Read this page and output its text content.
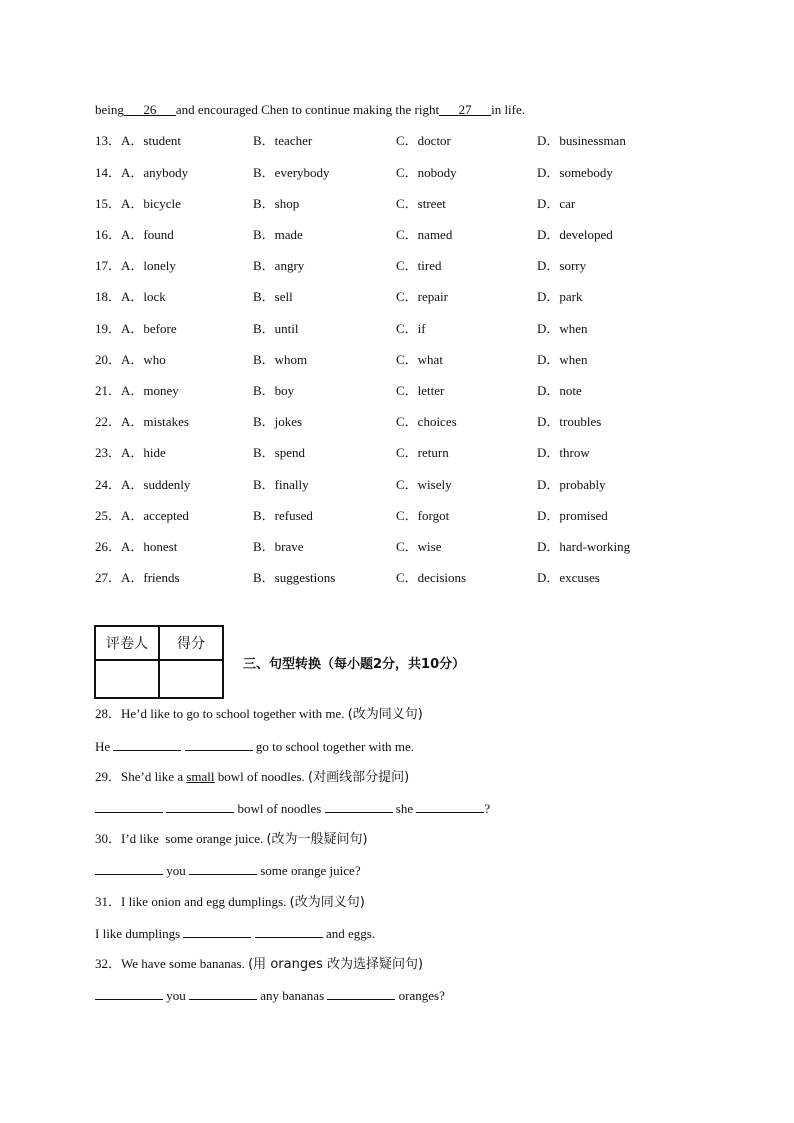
being 26 and encouraged Chen to continue making the right 27 in life.
13．A．student	B．teacher	C．doctor	D．businessman
14．A．anybody	B．everybody	C．nobody	D．somebody
15．A．bicycle	B．shop	C．street	D．car
16．A．found	B．made	C．named	D．developed
17．A．lonely	B．angry	C．tired	D．sorry
18．A．lock	B．sell	C．repair	D．park
19．A．before	B．until	C．if	D．when
20．A．who	B．whom	C．what	D．when
21．A．money	B．boy	C．letter	D．note
22．A．mistakes	B．jokes	C．choices	D．troubles
23．A．hide	B．spend	C．return	D．throw
24．A．suddenly	B．finally	C．wisely	D．probably
25．A．accepted	B．refused	C．forgot	D．promised
26．A．honest	B．brave	C．wise	D．hard-working
27．A．friends	B．suggestions	C．decisions	D．excuses
评卷人	得分

三、句型转换（每小题2分，共10分）
28．He’d like to go to school together with me. (改为同义句)
He	go to school together with me.
29．She’d like a small bowl of noodles. (对画线部分提问)
bowl of noodles	she	?
30．I’d like  some orange juice. (改为一般疑问句)
you	some orange juice?
31．I like onion and egg dumplings. (改为同义句)
I like dumplings	and eggs.
32．We have some bananas. (用 oranges 改为选择疑问句)
you	any bananas	oranges?
